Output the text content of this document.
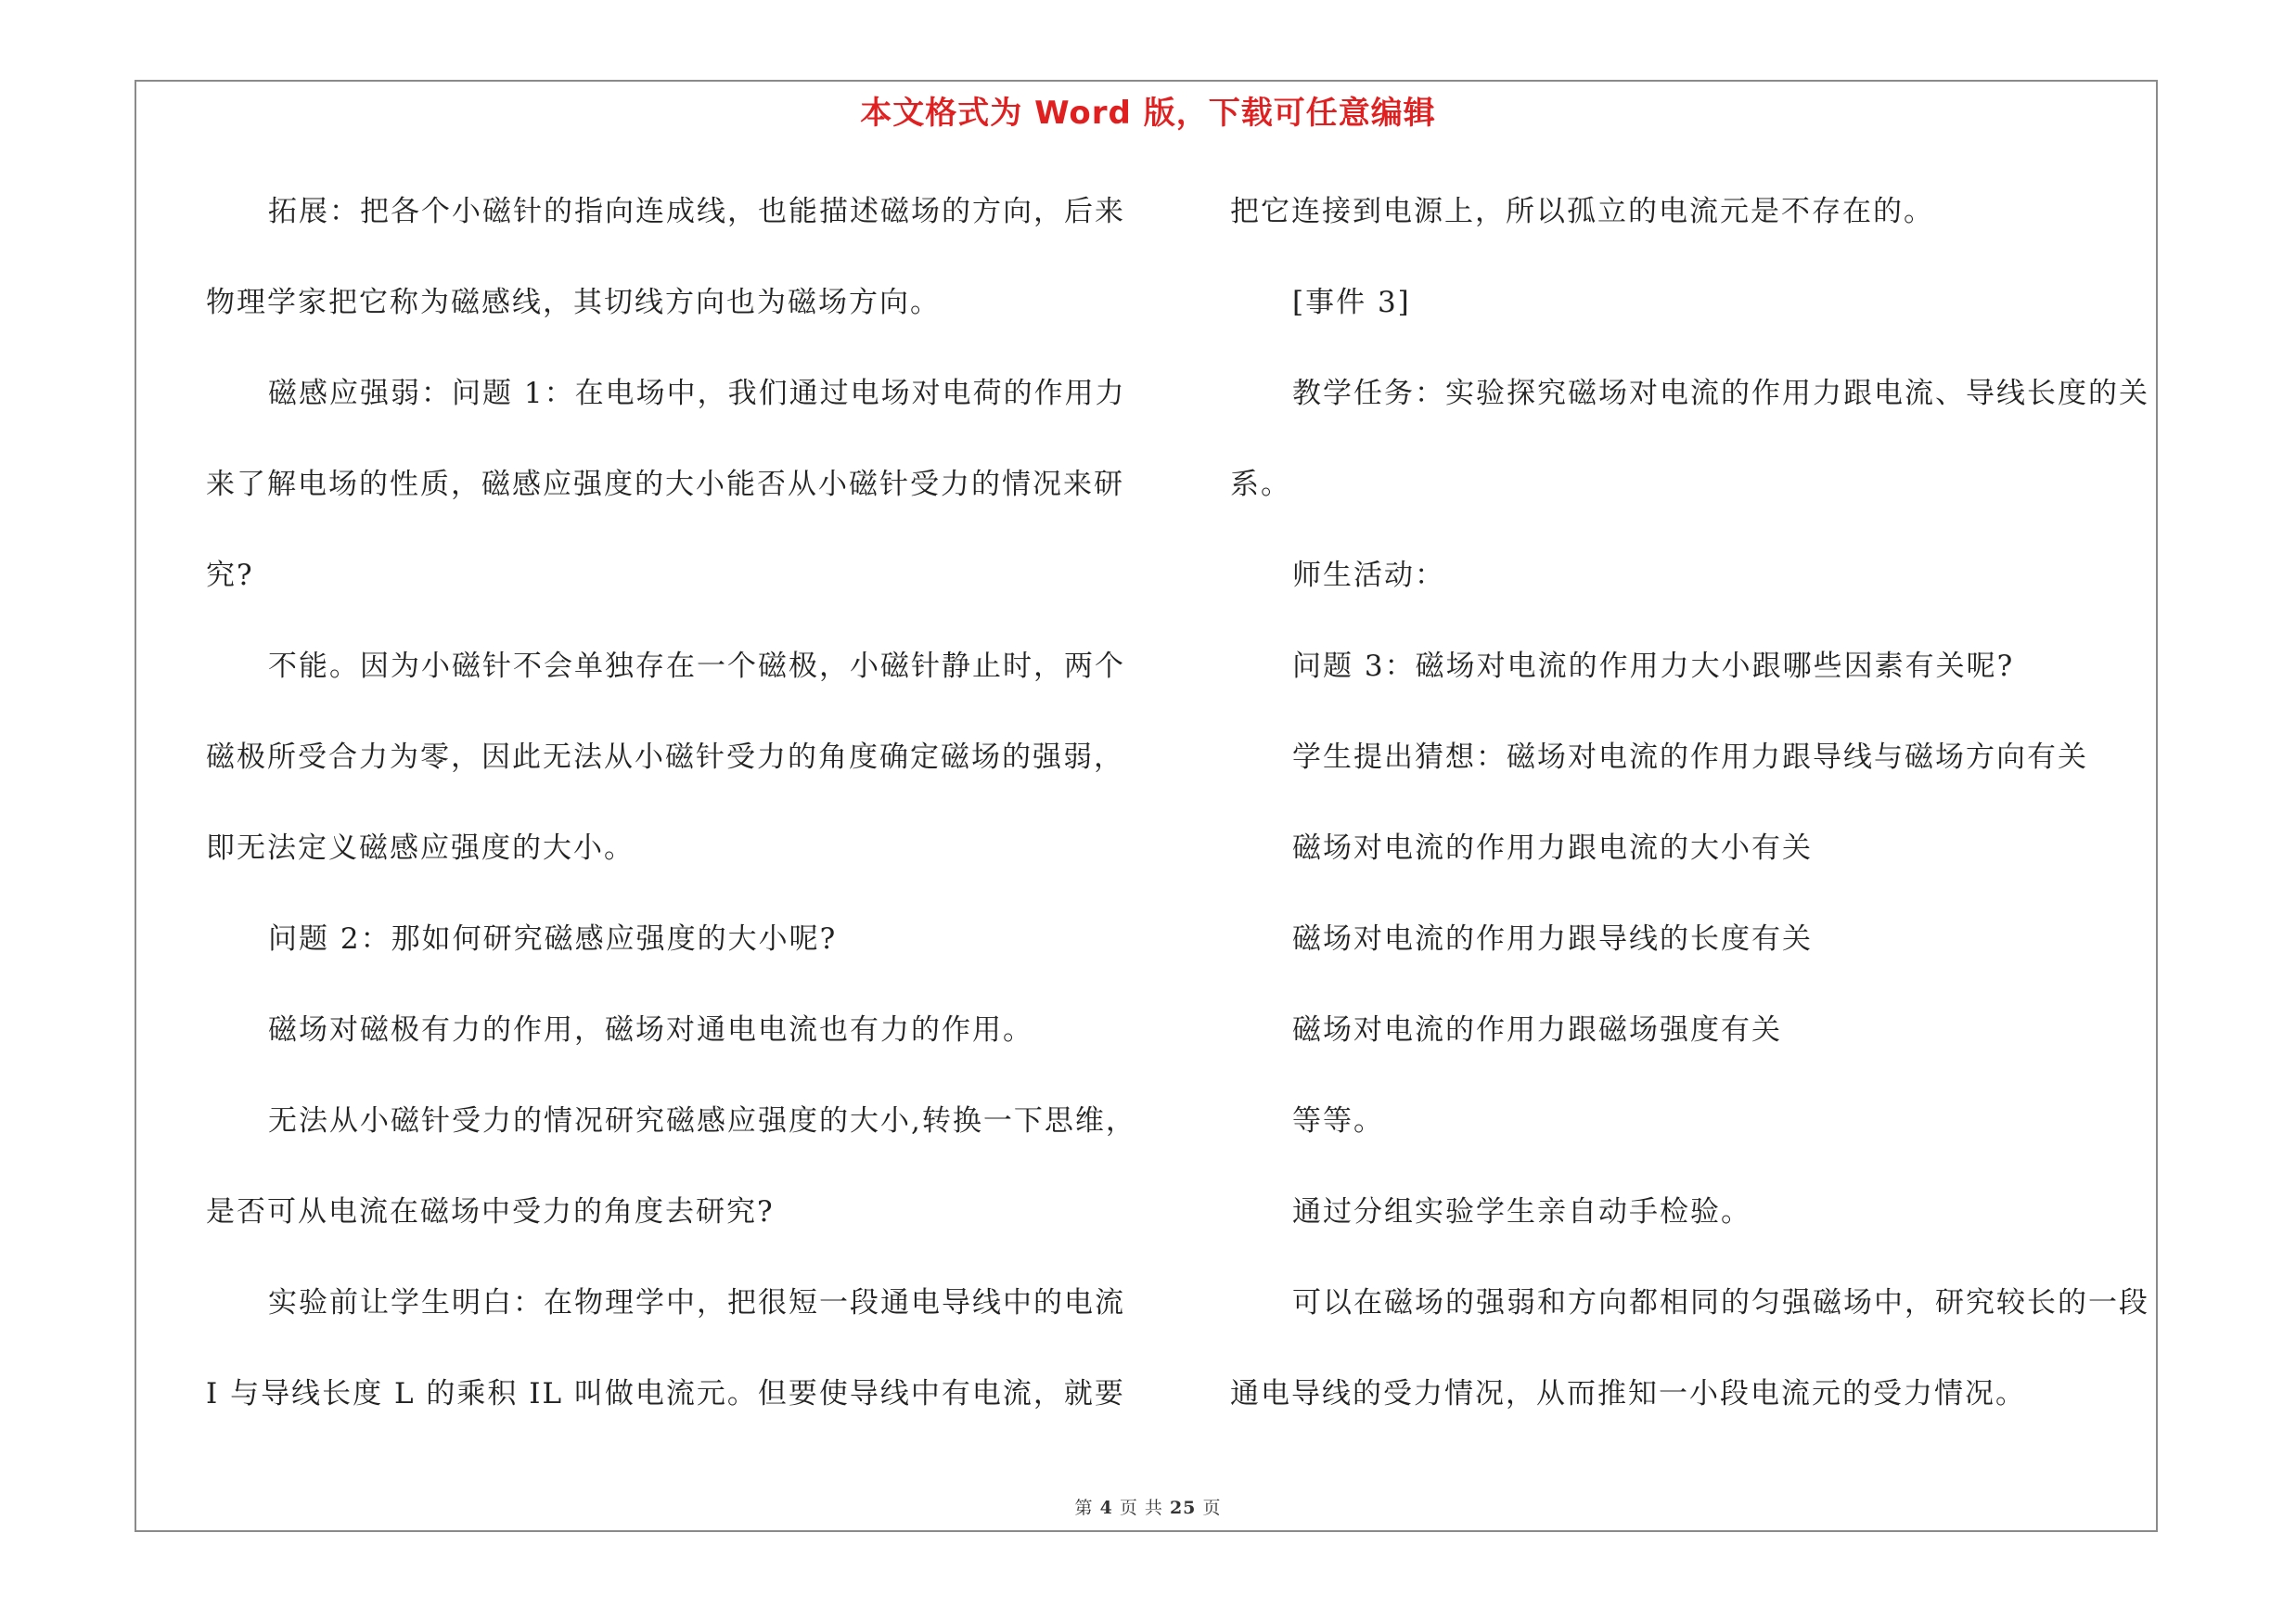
本文格式为 Word 版，下载可任意编辑
拓展：把各个小磁针的指向连成线，也能描述磁场的方向，后来
物理学家把它称为磁感线，其切线方向也为磁场方向。
磁感应强弱：问题 1：在电场中，我们通过电场对电荷的作用力
来了解电场的性质，磁感应强度的大小能否从小磁针受力的情况来研
究?
不能。因为小磁针不会单独存在一个磁极，小磁针静止时，两个
磁极所受合力为零，因此无法从小磁针受力的角度确定磁场的强弱，
即无法定义磁感应强度的大小。
问题 2：那如何研究磁感应强度的大小呢?
磁场对磁极有力的作用，磁场对通电电流也有力的作用。
无法从小磁针受力的情况研究磁感应强度的大小,转换一下思维，
是否可从电流在磁场中受力的角度去研究?
实验前让学生明白：在物理学中，把很短一段通电导线中的电流
I 与导线长度 L 的乘积 IL 叫做电流元。但要使导线中有电流，就要
把它连接到电源上，所以孤立的电流元是不存在的。
[事件 3]
教学任务：实验探究磁场对电流的作用力跟电流、导线长度的关
系。
师生活动：
问题 3：磁场对电流的作用力大小跟哪些因素有关呢?
学生提出猜想：磁场对电流的作用力跟导线与磁场方向有关
磁场对电流的作用力跟电流的大小有关
磁场对电流的作用力跟导线的长度有关
磁场对电流的作用力跟磁场强度有关
等等。
通过分组实验学生亲自动手检验。
可以在磁场的强弱和方向都相同的匀强磁场中，研究较长的一段
通电导线的受力情况，从而推知一小段电流元的受力情况。
第 4 页 共 25 页
